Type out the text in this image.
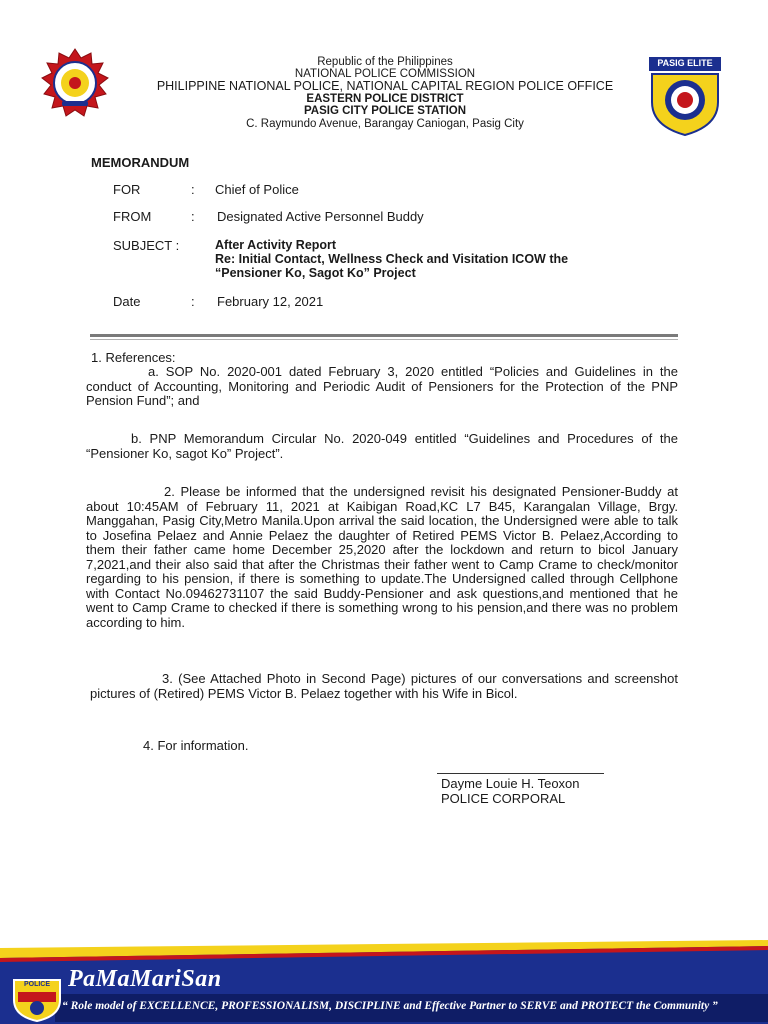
Republic of the Philippines
NATIONAL POLICE COMMISSION
PHILIPPINE NATIONAL POLICE, NATIONAL CAPITAL REGION POLICE OFFICE
EASTERN POLICE DISTRICT
PASIG CITY POLICE STATION
C. Raymundo Avenue, Barangay Caniogan, Pasig City
PASIG ELITE
MEMORANDUM
FOR	: Chief of Police
FROM	: Designated Active Personnel Buddy
SUBJECT :	After Activity Report
Re: Initial Contact, Wellness Check and Visitation ICOW the
“Pensioner Ko, Sagot Ko” Project
Date	: February 12, 2021
1. References:
a. SOP No. 2020-001 dated February 3, 2020 entitled “Policies and Guidelines in the conduct of Accounting, Monitoring and Periodic Audit of Pensioners for the Protection of the PNP Pension Fund”; and
b. PNP Memorandum Circular No. 2020-049 entitled “Guidelines and Procedures of the “Pensioner Ko, sagot Ko” Project”.
2. Please be informed that the undersigned revisit his designated Pensioner-Buddy at about 10:45AM of February 11, 2021 at Kaibigan Road,KC L7 B45, Karangalan Village, Brgy. Manggahan, Pasig City,Metro Manila.Upon arrival the said location, the Undersigned were able to talk to Josefina Pelaez and Annie Pelaez the daughter of Retired PEMS Victor B. Pelaez,According to them their father came home December 25,2020 after the lockdown and return to bicol January 7,2021,and their also said that after the Christmas their father went to Camp Crame to check/monitor regarding to his pension, if there is something to update.The Undersigned called through Cellphone with Contact No.09462731107 the said Buddy-Pensioner and ask questions,and mentioned that he went to Camp Crame to checked if there is something wrong to his pension,and there was no problem according to him.
3. (See Attached Photo in Second Page) pictures of our conversations and screenshot pictures of (Retired) PEMS Victor B. Pelaez together with his Wife in Bicol.
4. For information.
Dayme Louie H. Teoxon
POLICE CORPORAL
POLICE PaMaMariSan
“ Role model of EXCELLENCE, PROFESSIONALISM, DISCIPLINE and Effective Partner to SERVE and PROTECT the Community ”
